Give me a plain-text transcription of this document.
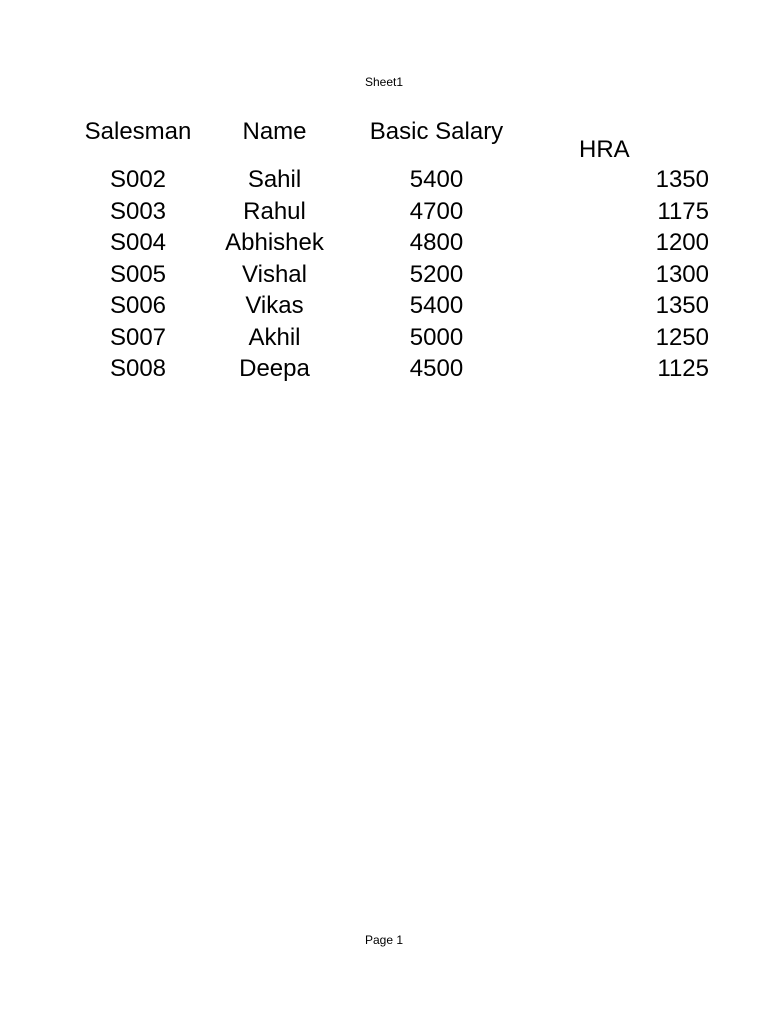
Sheet1
Salesman	Name	Basic Salary	HRA
S002	Sahil	5400	1350
S003	Rahul	4700	1175
S004	Abhishek	4800	1200
S005	Vishal	5200	1300
S006	Vikas	5400	1350
S007	Akhil	5000	1250
S008	Deepa	4500	1125
Page 1
